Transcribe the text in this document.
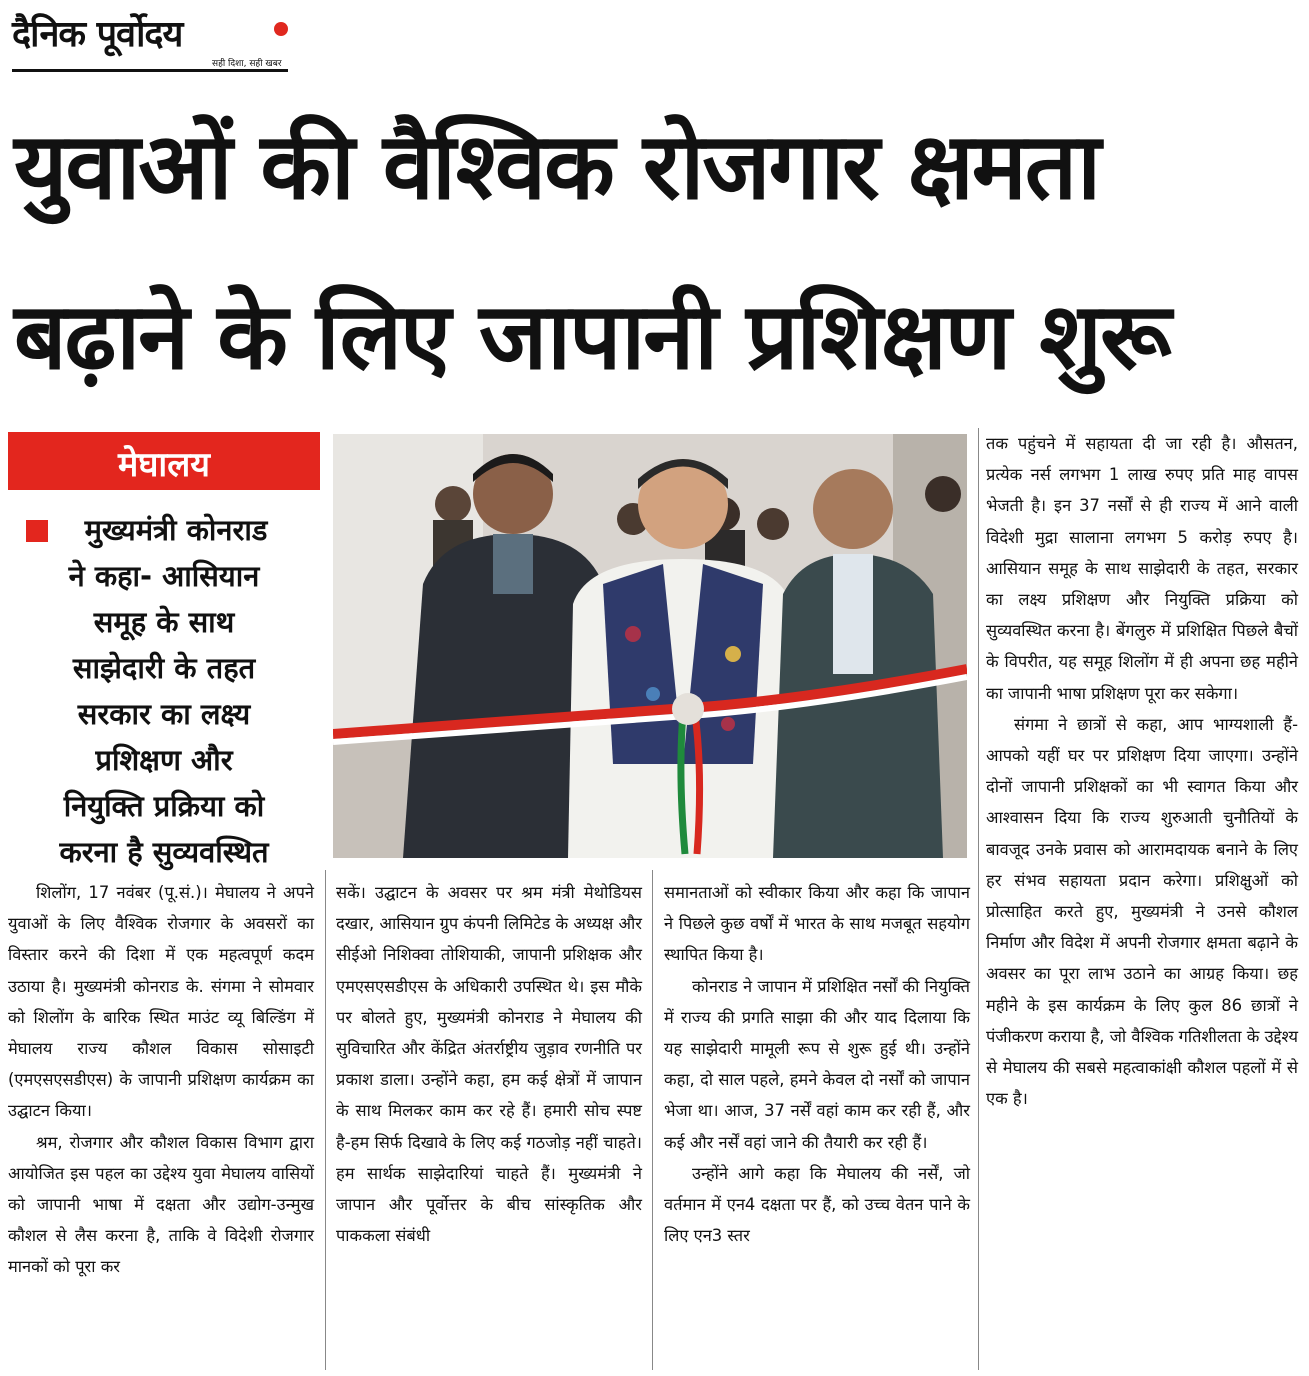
दैनिक पूर्वोदय
सही दिशा, सही खबर
युवाओं की वैश्विक रोजगार क्षमता
बढ़ाने के लिए जापानी प्रशिक्षण शुरू
मेघालय
मुख्यमंत्री कोनराड
ने कहा- आसियान
समूह के साथ
साझेदारी के तहत
सरकार का लक्ष्य
प्रशिक्षण और
नियुक्ति प्रक्रिया को
करना है सुव्यवस्थित

शिलोंग, 17 नवंबर (पू.सं.)। मेघालय ने अपने युवाओं के लिए वैश्विक रोजगार के अवसरों का विस्तार करने की दिशा में एक महत्वपूर्ण कदम उठाया है। मुख्यमंत्री कोनराड के. संगमा ने सोमवार को शिलोंग के बारिक स्थित माउंट व्यू बिल्डिंग में मेघालय राज्य कौशल विकास सोसाइटी (एमएसएसडीएस) के जापानी प्रशिक्षण कार्यक्रम का उद्घाटन किया।

श्रम, रोजगार और कौशल विकास विभाग द्वारा आयोजित इस पहल का उद्देश्य युवा मेघालय वासियों को जापानी भाषा में दक्षता और उद्योग-उन्मुख कौशल से लैस करना है, ताकि वे विदेशी रोजगार मानकों को पूरा कर

सकें। उद्घाटन के अवसर पर श्रम मंत्री मेथोडियस दखार, आसियान ग्रुप कंपनी लिमिटेड के अध्यक्ष और सीईओ निशिक्वा तोशियाकी, जापानी प्रशिक्षक और एमएसएसडीएस के अधिकारी उपस्थित थे। इस मौके पर बोलते हुए, मुख्यमंत्री कोनराड ने मेघालय की सुविचारित और केंद्रित अंतर्राष्ट्रीय जुड़ाव रणनीति पर प्रकाश डाला। उन्होंने कहा, हम कई क्षेत्रों में जापान के साथ मिलकर काम कर रहे हैं। हमारी सोच स्पष्ट है-हम सिर्फ दिखावे के लिए कई गठजोड़ नहीं चाहते। हम सार्थक साझेदारियां चाहते हैं। मुख्यमंत्री ने जापान और पूर्वोत्तर के बीच सांस्कृतिक और पाककला संबंधी

समानताओं को स्वीकार किया और कहा कि जापान ने पिछले कुछ वर्षों में भारत के साथ मजबूत सहयोग स्थापित किया है।

कोनराड ने जापान में प्रशिक्षित नर्सों की नियुक्ति में राज्य की प्रगति साझा की और याद दिलाया कि यह साझेदारी मामूली रूप से शुरू हुई थी। उन्होंने कहा, दो साल पहले, हमने केवल दो नर्सों को जापान भेजा था। आज, 37 नर्सें वहां काम कर रही हैं, और कई और नर्सें वहां जाने की तैयारी कर रही हैं।

उन्होंने आगे कहा कि मेघालय की नर्सें, जो वर्तमान में एन4 दक्षता पर हैं, को उच्च वेतन पाने के लिए एन3 स्तर

तक पहुंचने में सहायता दी जा रही है। औसतन, प्रत्येक नर्स लगभग 1 लाख रुपए प्रति माह वापस भेजती है। इन 37 नर्सों से ही राज्य में आने वाली विदेशी मुद्रा सालाना लगभग 5 करोड़ रुपए है। आसियान समूह के साथ साझेदारी के तहत, सरकार का लक्ष्य प्रशिक्षण और नियुक्ति प्रक्रिया को सुव्यवस्थित करना है। बेंगलुरु में प्रशिक्षित पिछले बैचों के विपरीत, यह समूह शिलोंग में ही अपना छह महीने का जापानी भाषा प्रशिक्षण पूरा कर सकेगा।

संगमा ने छात्रों से कहा, आप भाग्यशाली हैं-आपको यहीं घर पर प्रशिक्षण दिया जाएगा। उन्होंने दोनों जापानी प्रशिक्षकों का भी स्वागत किया और आश्वासन दिया कि राज्य शुरुआती चुनौतियों के बावजूद उनके प्रवास को आरामदायक बनाने के लिए हर संभव सहायता प्रदान करेगा। प्रशिक्षुओं को प्रोत्साहित करते हुए, मुख्यमंत्री ने उनसे कौशल निर्माण और विदेश में अपनी रोजगार क्षमता बढ़ाने के अवसर का पूरा लाभ उठाने का आग्रह किया। छह महीने के इस कार्यक्रम के लिए कुल 86 छात्रों ने पंजीकरण कराया है, जो वैश्विक गतिशीलता के उद्देश्य से मेघालय की सबसे महत्वाकांक्षी कौशल पहलों में से एक है।
